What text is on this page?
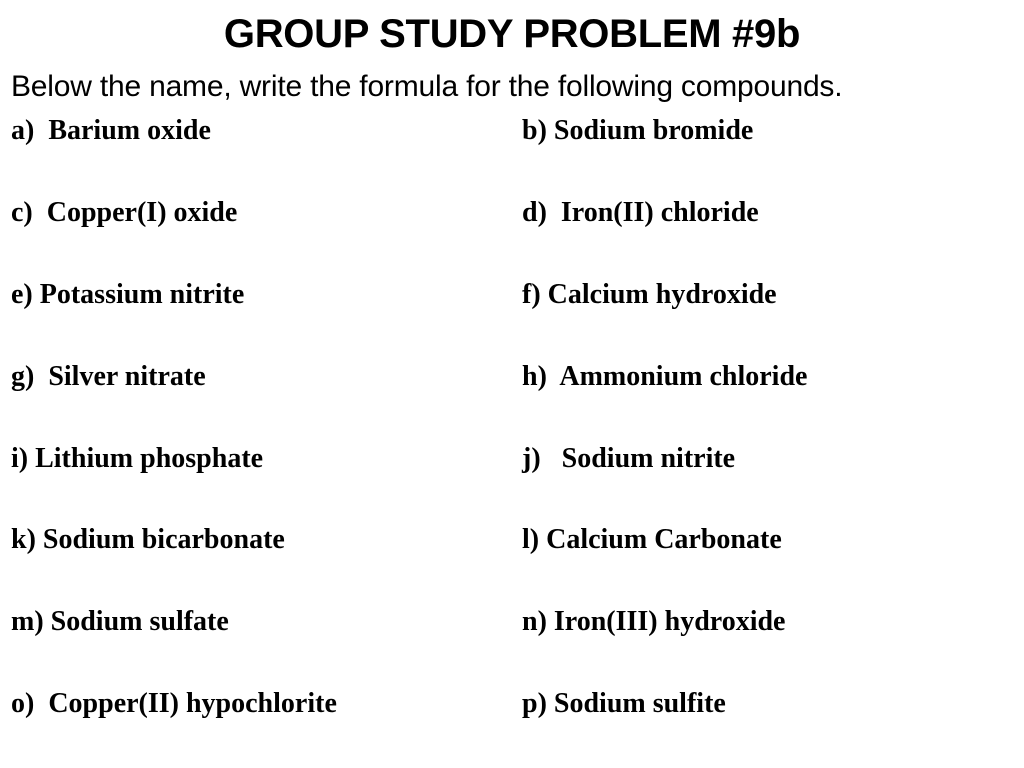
GROUP STUDY PROBLEM #9b
Below the name, write the formula for the following compounds.
a)  Barium oxide	b) Sodium bromide
c)  Copper(I) oxide	d)  Iron(II) chloride
e) Potassium nitrite	f) Calcium hydroxide
g)  Silver nitrate	h)  Ammonium chloride
i) Lithium phosphate	j)   Sodium nitrite
k) Sodium bicarbonate	l) Calcium Carbonate
m) Sodium sulfate	n) Iron(III) hydroxide
o)  Copper(II) hypochlorite	p) Sodium sulfite
